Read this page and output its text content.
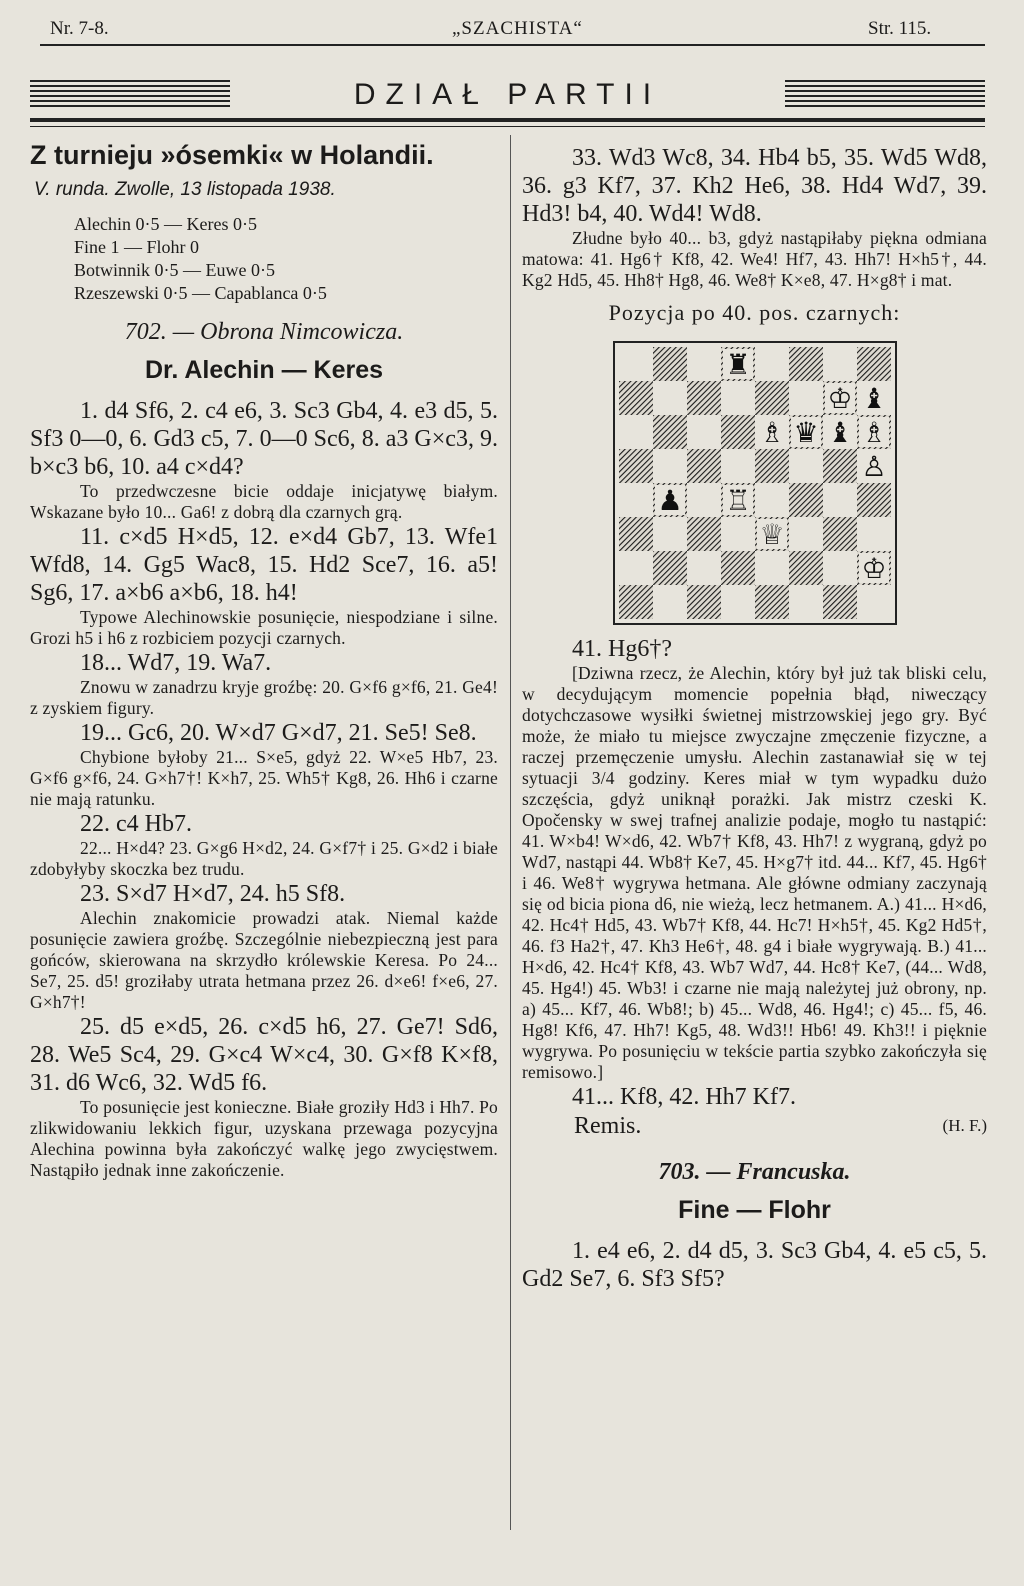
Nr. 7-8.	„SZACHISTA“	Str. 115.
DZIAŁ PARTII
Z turnieju »ósemki« w Holandii.
V. runda. Zwolle, 13 listopada 1938.
Alechin 0·5 — Keres 0·5
Fine 1 — Flohr 0
Botwinnik 0·5 — Euwe 0·5
Rzeszewski 0·5 — Capablanca 0·5
702. — Obrona Nimcowicza.
Dr. Alechin — Keres

1. d4 Sf6, 2. c4 e6, 3. Sc3 Gb4, 4. e3 d5, 5. Sf3 0—0, 6. Gd3 c5, 7. 0—0 Sc6, 8. a3 G×c3, 9. b×c3 b6, 10. a4 c×d4?

To przedwczesne bicie oddaje inicjatywę białym. Wskazane było 10... Ga6! z dobrą dla czarnych grą.

11. c×d5 H×d5, 12. e×d4 Gb7, 13. Wfe1 Wfd8, 14. Gg5 Wac8, 15. Hd2 Sce7, 16. a5! Sg6, 17. a×b6 a×b6, 18. h4!

Typowe Alechinowskie posunięcie, niespodziane i silne. Grozi h5 i h6 z rozbiciem pozycji czarnych.

18... Wd7, 19. Wa7.

Znowu w zanadrzu kryje groźbę: 20. G×f6 g×f6, 21. Ge4! z zyskiem figury.

19... Gc6, 20. W×d7 G×d7, 21. Se5! Se8.

Chybione byłoby 21... S×e5, gdyż 22. W×e5 Hb7, 23. G×f6 g×f6, 24. G×h7†! K×h7, 25. Wh5† Kg8, 26. Hh6 i czarne nie mają ratunku.

22. c4 Hb7.

22... H×d4? 23. G×g6 H×d2, 24. G×f7† i 25. G×d2 i białe zdobyłyby skoczka bez trudu.

23. S×d7 H×d7, 24. h5 Sf8.

Alechin znakomicie prowadzi atak. Niemal każde posunięcie zawiera groźbę. Szczególnie niebezpieczną jest para gońców, skierowana na skrzydło królewskie Keresa. Po 24... Se7, 25. d5! groziłaby utrata hetmana przez 26. d×e6! f×e6, 27. G×h7†!

25. d5 e×d5, 26. c×d5 h6, 27. Ge7! Sd6, 28. We5 Sc4, 29. G×c4 W×c4, 30. G×f8 K×f8, 31. d6 Wc6, 32. Wd5 f6.

To posunięcie jest konieczne. Białe groziły Hd3 i Hh7. Po zlikwidowaniu lekkich figur, uzyskana przewaga pozycyjna Alechina powinna była zakończyć walkę jego zwycięstwem. Nastąpiło jednak inne zakończenie.

33. Wd3 Wc8, 34. Hb4 b5, 35. Wd5 Wd8, 36. g3 Kf7, 37. Kh2 He6, 38. Hd4 Wd7, 39. Hd3! b4, 40. Wd4! Wd8.

Złudne było 40... b3, gdyż nastąpiłaby piękna odmiana matowa: 41. Hg6† Kf8, 42. We4! Hf7, 43. Hh7! H×h5†, 44. Kg2 Hd5, 45. Hh8† Hg8, 46. We8† K×e8, 47. H×g8† i mat.

Pozycja po 40. pos. czarnych:

♜
♔ ♝
♗ ♛ ♝ ♗
♙
♟ ♖
♕
♔

41. Hg6†?

[Dziwna rzecz, że Alechin, który był już tak bliski celu, w decydującym momencie popełnia błąd, niweczący dotychczasowe wysiłki świetnej mistrzowskiej jego gry. Być może, że miało tu miejsce zwyczajne zmęczenie fizyczne, a raczej przemęczenie umysłu. Alechin zastanawiał się w tej sytuacji 3/4 godziny. Keres miał w tym wypadku dużo szczęścia, gdyż uniknął porażki. Jak mistrz czeski K. Opočensky w swej trafnej analizie podaje, mogło tu nastąpić: 41. W×b4! W×d6, 42. Wb7† Kf8, 43. Hh7! z wygraną, gdyż po Wd7, nastąpi 44. Wb8† Ke7, 45. H×g7† itd. 44... Kf7, 45. Hg6† i 46. We8† wygrywa hetmana. Ale główne odmiany zaczynają się od bicia piona d6, nie wieżą, lecz hetmanem. A.) 41... H×d6, 42. Hc4† Hd5, 43. Wb7† Kf8, 44. Hc7! H×h5†, 45. Kg2 Hd5†, 46. f3 Ha2†, 47. Kh3 He6†, 48. g4 i białe wygrywają. B.) 41... H×d6, 42. Hc4† Kf8, 43. Wb7 Wd7, 44. Hc8† Ke7, (44... Wd8, 45. Hg4!) 45. Wb3! i czarne nie mają należytej już obrony, np. a) 45... Kf7, 46. Wb8!; b) 45... Wd8, 46. Hg4!; c) 45... f5, 46. Hg8! Kf6, 47. Hh7! Kg5, 48. Wd3!! Hb6! 49. Kh3!! i pięknie wygrywa. Po posunięciu w tekście partia szybko zakończyła się remisowo.]

41... Kf8, 42. Hh7 Kf7.

Remis.	(H. F.)
703. — Francuska.
Fine — Flohr

1. e4 e6, 2. d4 d5, 3. Sc3 Gb4, 4. e5 c5, 5. Gd2 Se7, 6. Sf3 Sf5?
